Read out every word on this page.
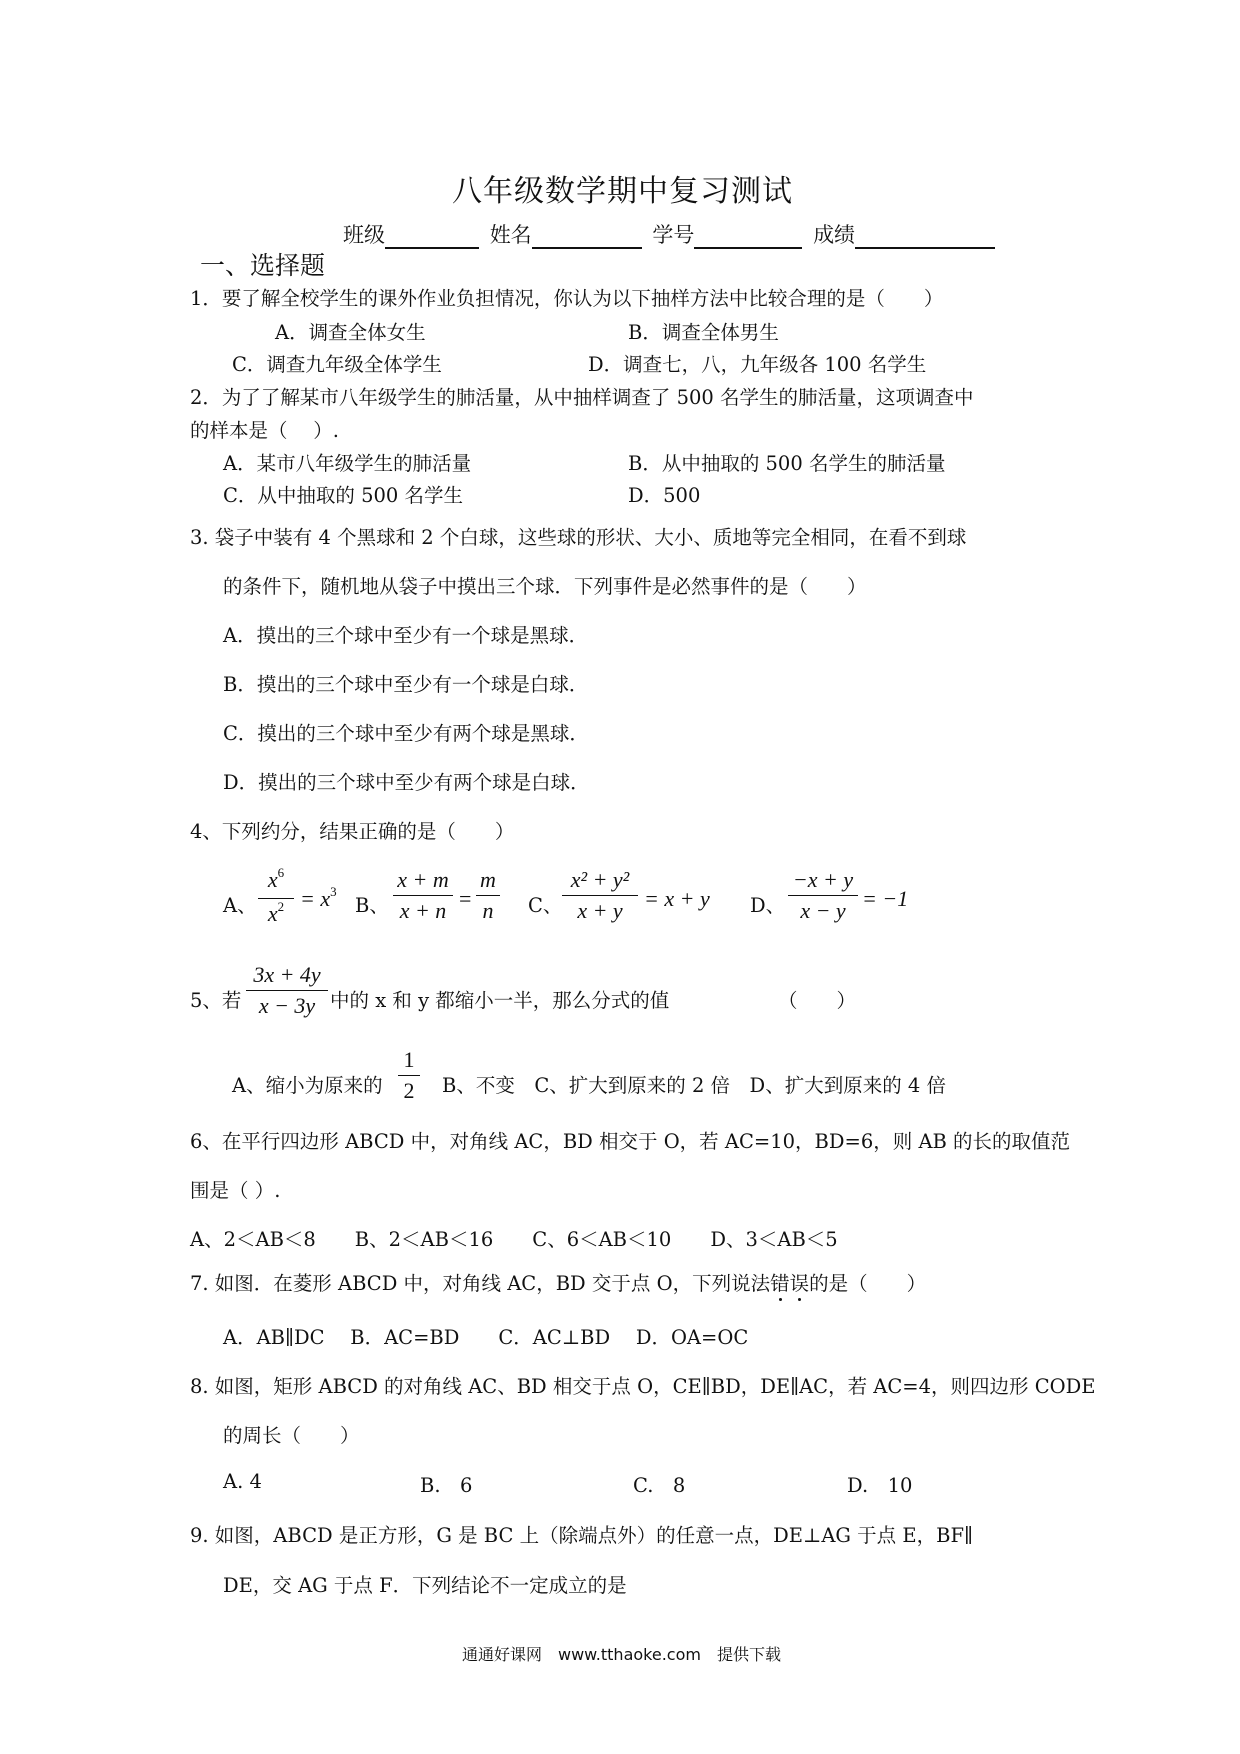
八年级数学期中复习测试
班级	姓名	学号	成绩
一、选择题
1．要了解全校学生的课外作业负担情况，你认为以下抽样方法中比较合理的是（　　）
A．调查全体女生	B．调查全体男生
C．调查九年级全体学生	D．调查七，八，九年级各 100 名学生
2．为了了解某市八年级学生的肺活量，从中抽样调查了 500 名学生的肺活量，这项调查中
的样本是（　 ）.
A．某市八年级学生的肺活量	B．从中抽取的 500 名学生的肺活量
C．从中抽取的 500 名学生	D．500
3. 袋子中装有 4 个黑球和 2 个白球，这些球的形状、大小、质地等完全相同，在看不到球
的条件下，随机地从袋子中摸出三个球．下列事件是必然事件的是（　　）
A．摸出的三个球中至少有一个球是黑球．
B．摸出的三个球中至少有一个球是白球．
C．摸出的三个球中至少有两个球是黑球．
D．摸出的三个球中至少有两个球是白球．
4、下列约分，结果正确的是（　　）
A、
$x^6$
$x^2 = x^3$
B、
x + m
x + n =
m
n	C、
x² + y²
x + y = x + y D、
−x + y
x − y = −1
5、若
3x + 4y
x − 3y 中的 x 和 y 都缩小一半，那么分式的值	（　　）
A、缩小为原来的
1
2 B、不变　C、扩大到原来的 2 倍　D、扩大到原来的 4 倍
6、在平行四边形 ABCD 中，对角线 AC，BD 相交于 O，若 AC=10，BD=6，则 AB 的长的取值范
围是（ ）.
A、2＜AB＜8　　B、2＜AB＜16　　C、6＜AB＜10　　D、3＜AB＜5
7. 如图．在菱形 ABCD 中，对角线 AC，BD 交于点 O，下列说法错误的是（　　）
A．AB∥DC　 B．AC=BD　　C．AC⊥BD　 D．OA=OC
8. 如图，矩形 ABCD 的对角线 AC、BD 相交于点 O，CE∥BD，DE∥AC，若 AC=4，则四边形 CODE
的周长（　　）
A. 4	B.　6	C.　8	D.　10
9. 如图，ABCD 是正方形，G 是 BC 上（除端点外）的任意一点，DE⊥AG 于点 E，BF∥
DE，交 AG 于点 F．下列结论不一定成立的是
通通好课网　www.tthaoke.com　提供下载
